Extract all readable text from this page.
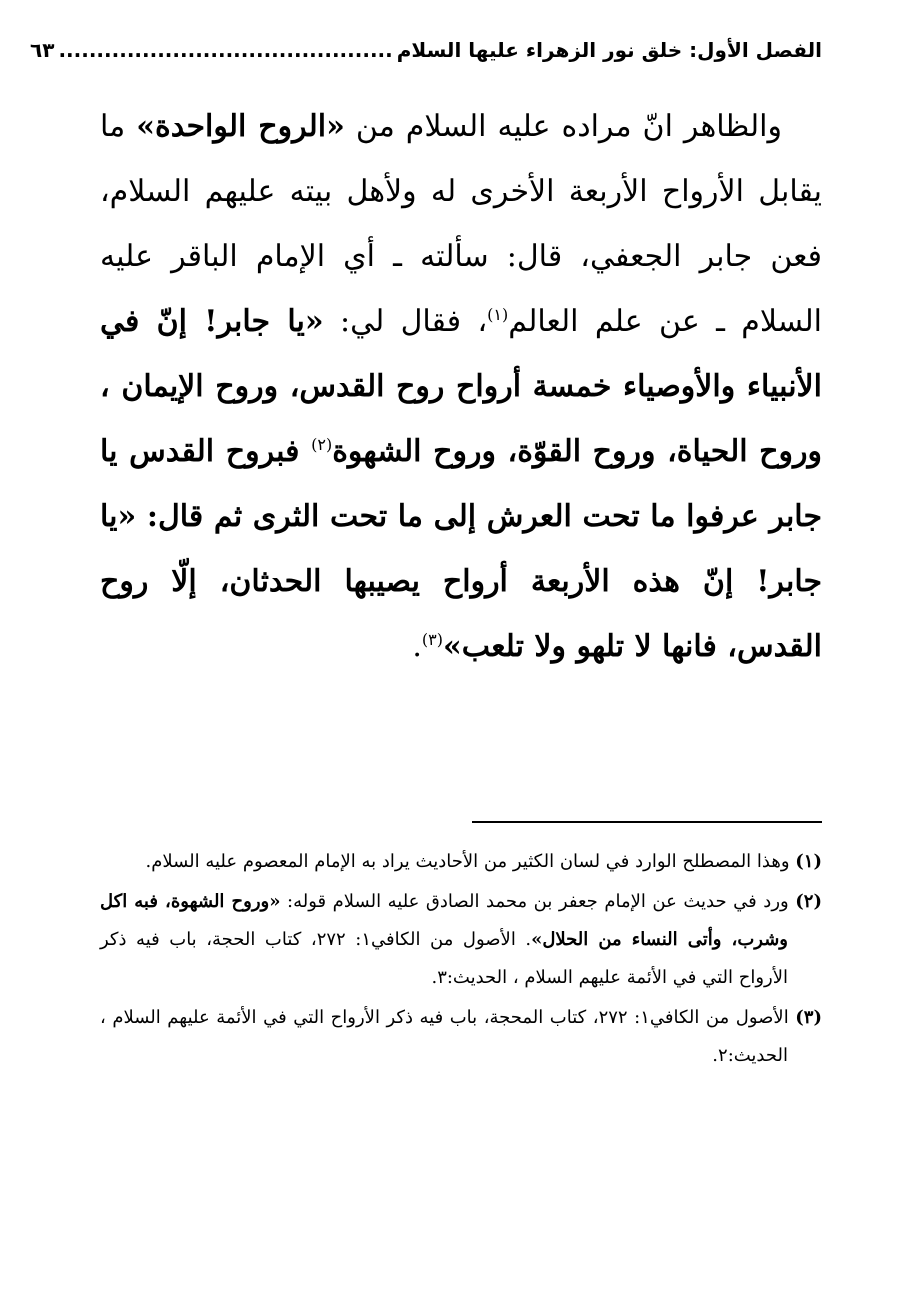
الفصل الأول: خلق نور الزهراء عليها السلام
............................................
٦٣

والظاهر انّ مراده عليه السلام من «الروح الواحدة» ما يقابل الأرواح الأربعة الأخرى له ولأهل بيته عليهم السلام، فعن جابر الجعفي، قال: سألته ـ أي الإمام الباقر عليه السلام ـ عن علم العالم$^{(١)}$، فقال لي: «يا جابر! إنّ في الأنبياء والأوصياء خمسة أرواح روح القدس، وروح الإيمان ، وروح الحياة، وروح القوّة، وروح الشهوة$^{(٢)}$ فبروح القدس يا جابر عرفوا ما تحت العرش إلى ما تحت الثرى ثم قال: «يا جابر! إنّ هذه الأربعة أرواح يصيبها الحدثان، إلّا روح القدس، فانها لا تلهو ولا تلعب»$^{(٣)}$.

(١) وهذا المصطلح الوارد في لسان الكثير من الأحاديث يراد به الإمام المعصوم عليه السلام.

(٢) ورد في حديث عن الإمام جعفر بن محمد الصادق عليه السلام قوله: «وروح الشهوة، فبه اكل وشرب، وأتى النساء من الحلال». الأصول من الكافي١: ٢٧٢، كتاب الحجة، باب فيه ذكر الأرواح التي في الأئمة عليهم السلام ، الحديث:٣.

(٣) الأصول من الكافي١: ٢٧٢، كتاب المحجة، باب فيه ذكر الأرواح التي في الأئمة عليهم السلام ، الحديث:٢.
